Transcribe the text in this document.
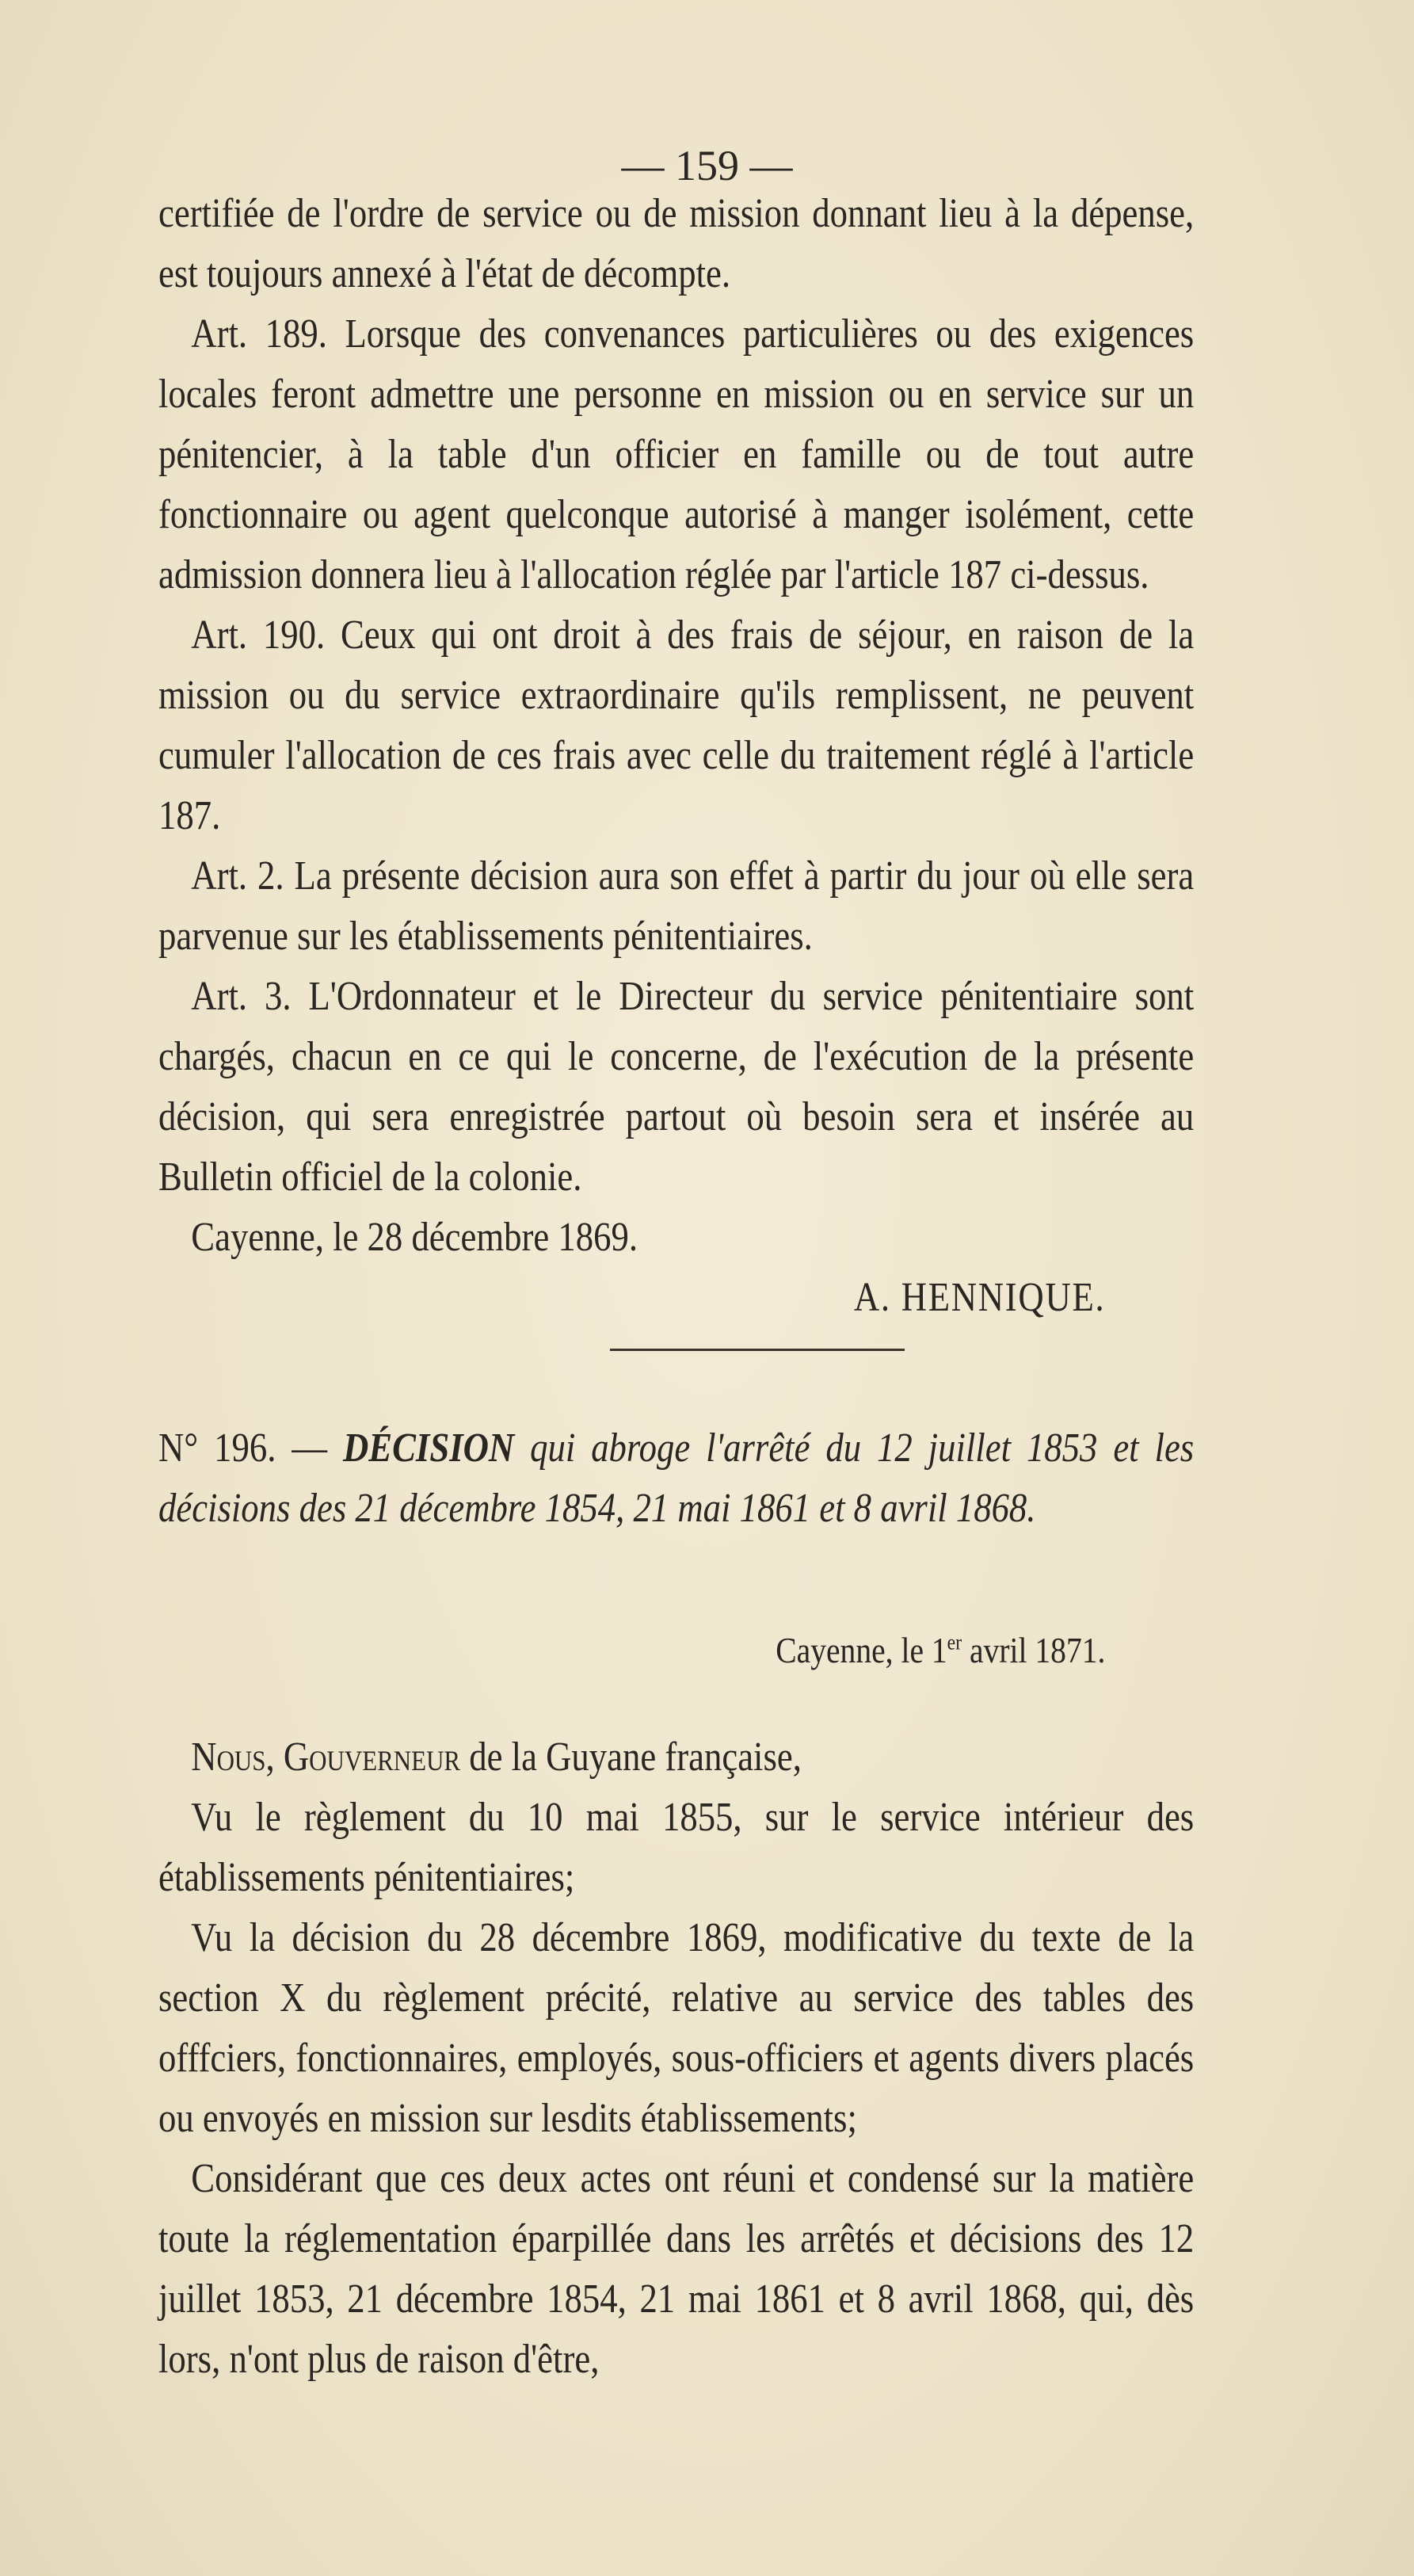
— 159 —

certifiée de l'ordre de service ou de mission donnant lieu à la dépense, est toujours annexé à l'état de décompte.

Art. 189. Lorsque des convenances particulières ou des exigences locales feront admettre une personne en mission ou en service sur un pénitencier, à la table d'un officier en famille ou de tout autre fonctionnaire ou agent quelconque autorisé à manger isolément, cette admission donnera lieu à l'allocation réglée par l'article 187 ci-dessus.

Art. 190. Ceux qui ont droit à des frais de séjour, en raison de la mission ou du service extraordinaire qu'ils remplissent, ne peuvent cumuler l'allocation de ces frais avec celle du traitement réglé à l'article 187.

Art. 2. La présente décision aura son effet à partir du jour où elle sera parvenue sur les établissements pénitentiaires.

Art. 3. L'Ordonnateur et le Directeur du service pénitentiaire sont chargés, chacun en ce qui le concerne, de l'exécution de la présente décision, qui sera enregistrée partout où besoin sera et insérée au Bulletin officiel de la colonie.

Cayenne, le 28 décembre 1869.

A. HENNIQUE.

N° 196. — DÉCISION qui abroge l'arrêté du 12 juillet 1853 et les décisions des 21 décembre 1854, 21 mai 1861 et 8 avril 1868.

Cayenne, le 1er avril 1871.

Nous, Gouverneur de la Guyane française,

Vu le règlement du 10 mai 1855, sur le service intérieur des établissements pénitentiaires;

Vu la décision du 28 décembre 1869, modificative du texte de la section X du règlement précité, relative au service des tables des offfciers, fonctionnaires, employés, sous-officiers et agents divers placés ou envoyés en mission sur lesdits établissements;

Considérant que ces deux actes ont réuni et condensé sur la matière toute la réglementation éparpillée dans les arrêtés et décisions des 12 juillet 1853, 21 décembre 1854, 21 mai 1861 et 8 avril 1868, qui, dès lors, n'ont plus de raison d'être,
